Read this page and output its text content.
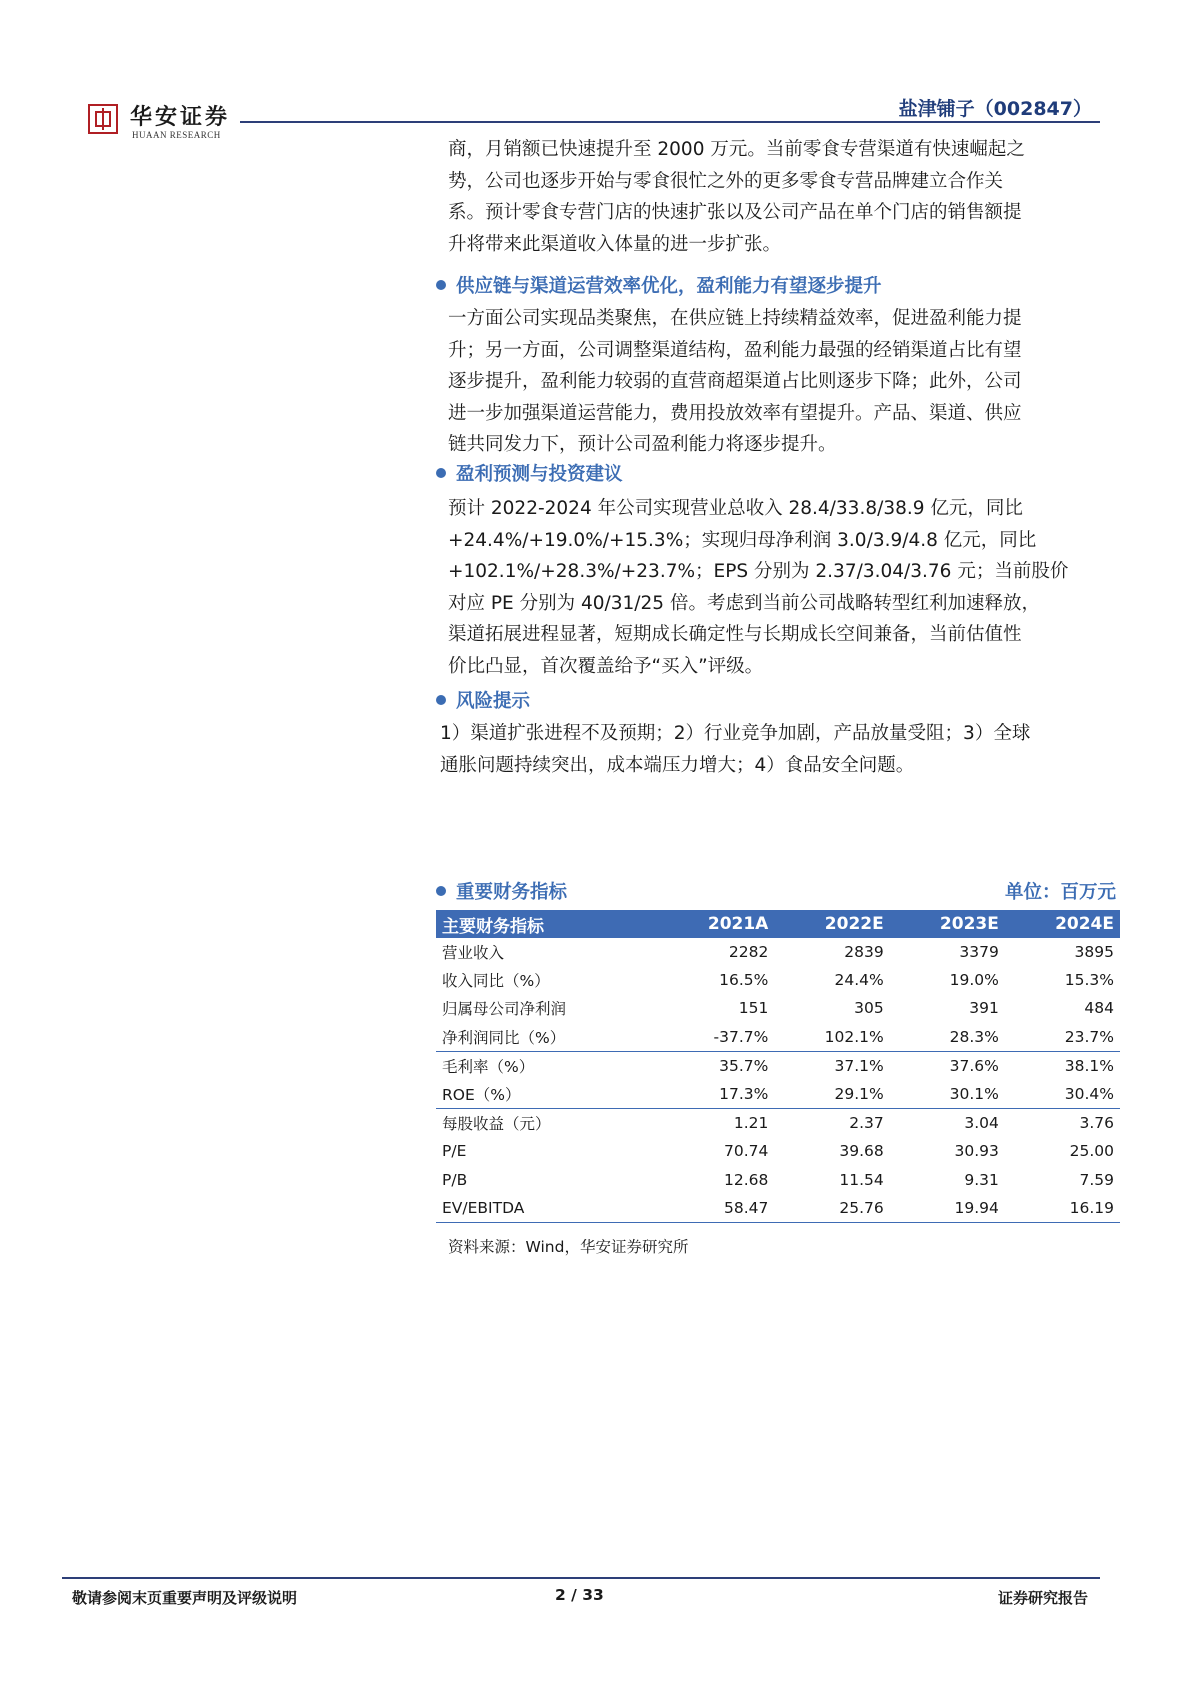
华安证券
HUAAN RESEARCH
盐津铺子（002847）
商，月销额已快速提升至 2000 万元。当前零食专营渠道有快速崛起之
势，公司也逐步开始与零食很忙之外的更多零食专营品牌建立合作关
系。预计零食专营门店的快速扩张以及公司产品在单个门店的销售额提
升将带来此渠道收入体量的进一步扩张。
供应链与渠道运营效率优化，盈利能力有望逐步提升
一方面公司实现品类聚焦，在供应链上持续精益效率，促进盈利能力提
升；另一方面，公司调整渠道结构，盈利能力最强的经销渠道占比有望
逐步提升，盈利能力较弱的直营商超渠道占比则逐步下降；此外，公司
进一步加强渠道运营能力，费用投放效率有望提升。产品、渠道、供应
链共同发力下，预计公司盈利能力将逐步提升。
盈利预测与投资建议
预计 2022-2024 年公司实现营业总收入 28.4/33.8/38.9 亿元，同比
+24.4%/+19.0%/+15.3%；实现归母净利润 3.0/3.9/4.8 亿元，同比
+102.1%/+28.3%/+23.7%；EPS 分别为 2.37/3.04/3.76 元；当前股价
对应 PE 分别为 40/31/25 倍。考虑到当前公司战略转型红利加速释放，
渠道拓展进程显著，短期成长确定性与长期成长空间兼备，当前估值性
价比凸显，首次覆盖给予“买入”评级。
风险提示
1）渠道扩张进程不及预期；2）行业竞争加剧，产品放量受阻；3）全球
通胀问题持续突出，成本端压力增大；4）食品安全问题。
重要财务指标	单位：百万元
主要财务指标	2021A	2022E	2023E	2024E
营业收入	2282	2839	3379	3895
收入同比（%）	16.5%	24.4%	19.0%	15.3%
归属母公司净利润	151	305	391	484
净利润同比（%）	-37.7%	102.1%	28.3%	23.7%
毛利率（%）	35.7%	37.1%	37.6%	38.1%
ROE（%）	17.3%	29.1%	30.1%	30.4%
每股收益（元）	1.21	2.37	3.04	3.76
P/E	70.74	39.68	30.93	25.00
P/B	12.68	11.54	9.31	7.59
EV/EBITDA	58.47	25.76	19.94	16.19
资料来源：Wind，华安证券研究所
敬请参阅末页重要声明及评级说明	2 / 33	证券研究报告
